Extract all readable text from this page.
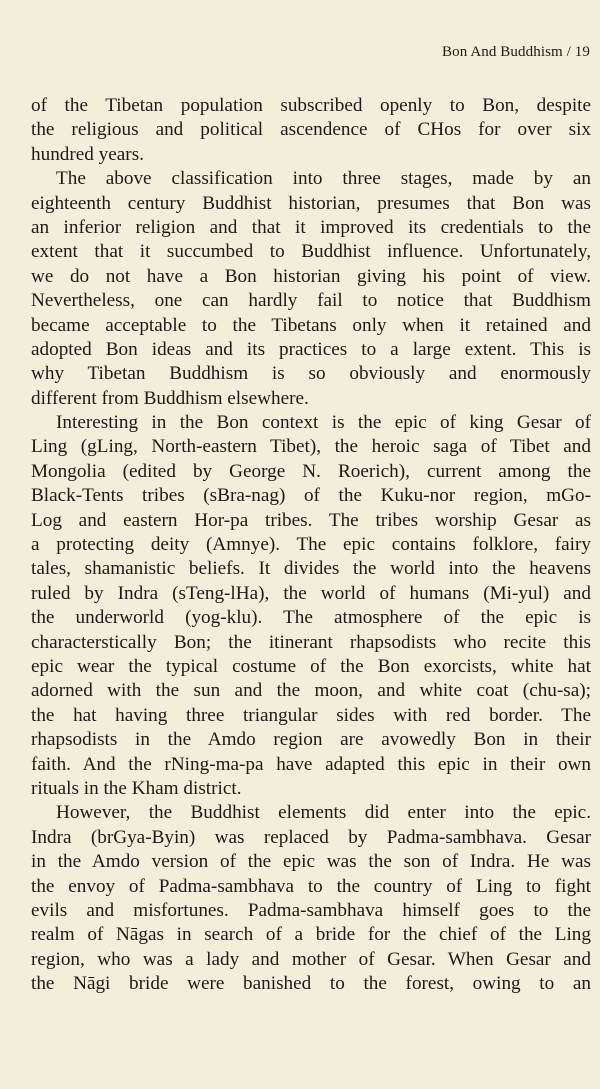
Bon And Buddhism / 19
of the Tibetan population subscribed openly to Bon, despite
the religious and political ascendence of CHos for over six
hundred years.
The above classification into three stages, made by an
eighteenth century Buddhist historian, presumes that Bon was
an inferior religion and that it improved its credentials to the
extent that it succumbed to Buddhist influence. Unfortunately,
we do not have a Bon historian giving his point of view.
Nevertheless, one can hardly fail to notice that Buddhism
became acceptable to the Tibetans only when it retained and
adopted Bon ideas and its practices to a large extent. This is
why Tibetan Buddhism is so obviously and enormously
different from Buddhism elsewhere.
Interesting in the Bon context is the epic of king Gesar of
Ling (gLing, North-eastern Tibet), the heroic saga of Tibet and
Mongolia (edited by George N. Roerich), current among the
Black-Tents tribes (sBra-nag) of the Kuku-nor region, mGo-
Log and eastern Hor-pa tribes. The tribes worship Gesar as
a protecting deity (Amnye). The epic contains folklore, fairy
tales, shamanistic beliefs. It divides the world into the heavens
ruled by Indra (sTeng-lHa), the world of humans (Mi-yul) and
the underworld (yog-klu). The atmosphere of the epic is
characterstically Bon; the itinerant rhapsodists who recite this
epic wear the typical costume of the Bon exorcists, white hat
adorned with the sun and the moon, and white coat (chu-sa);
the hat having three triangular sides with red border. The
rhapsodists in the Amdo region are avowedly Bon in their
faith. And the rNing-ma-pa have adapted this epic in their own
rituals in the Kham district.
However, the Buddhist elements did enter into the epic.
Indra (brGya-Byin) was replaced by Padma-sambhava. Gesar
in the Amdo version of the epic was the son of Indra. He was
the envoy of Padma-sambhava to the country of Ling to fight
evils and misfortunes. Padma-sambhava himself goes to the
realm of Nāgas in search of a bride for the chief of the Ling
region, who was a lady and mother of Gesar. When Gesar and
the Nāgi bride were banished to the forest, owing to an
